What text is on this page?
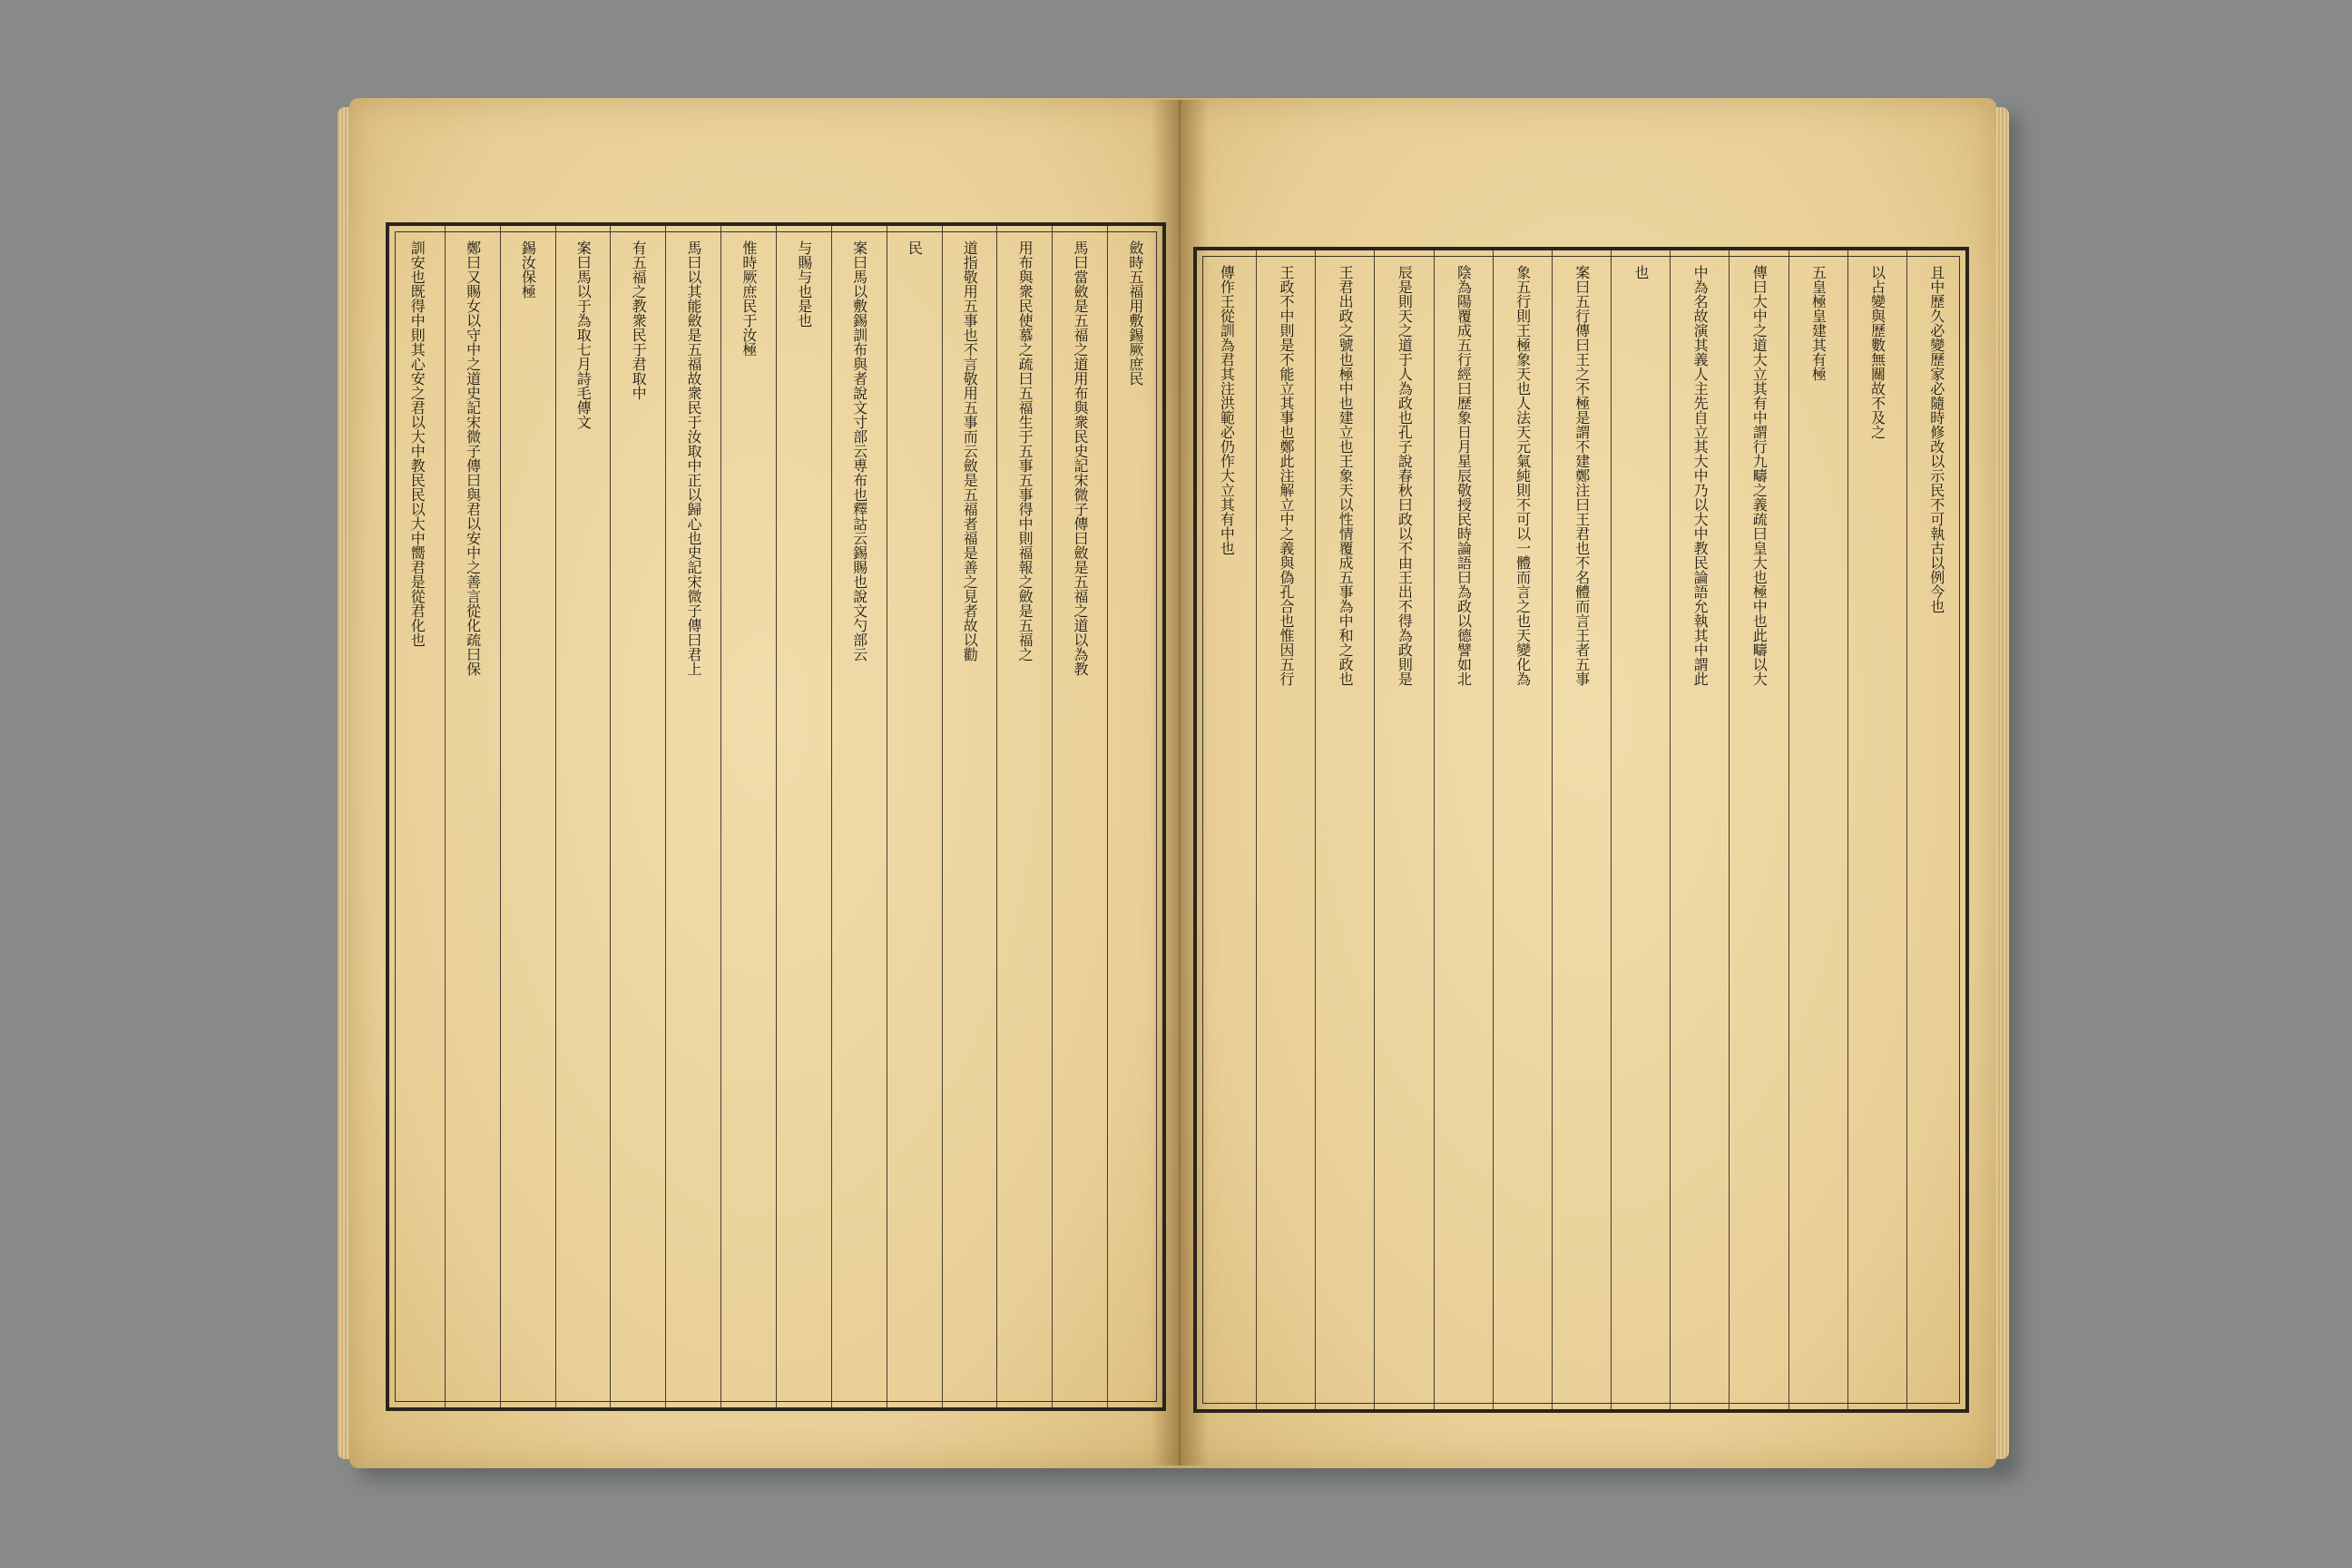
斂時五福用敷錫厥庶民
馬曰當斂是五福之道用布與衆民史記宋微子傳曰斂是五福之道以為教
用布與衆民使慕之疏曰五福生于五事五事得中則福報之斂是五福之
道指敬用五事也不言敬用五事而云斂是五福者福是善之見者故以勸
民
案曰馬以敷錫訓布與者說文寸部云尃布也釋詁云錫賜也說文勺部云
与賜与也是也
惟時厥庶民于汝極
馬曰以其能斂是五福故衆民于汝取中正以歸心也史記宋微子傳曰君上
有五福之教衆民于君取中
案曰馬以于為取七月詩毛傳文
錫汝保極
鄭曰又賜女以守中之道史記宋微子傳曰與君以安中之善言從化疏曰保
訓安也既得中則其心安之君以大中教民民以大中嚮君是從君化也	且中歷久必變歷家必隨時修改以示民不可執古以例今也
以占變與歷數無關故不及之
五皇極皇建其有極
傳曰大中之道大立其有中謂行九疇之義疏曰皇大也極中也此疇以大
中為名故演其義人主先自立其大中乃以大中教民論語允執其中謂此
也
案曰五行傳曰王之不極是謂不建鄭注曰王君也不名體而言王者五事
象五行則王極象天也人法天元氣純則不可以一體而言之也天變化為
陰為陽覆成五行經曰歷象日月星辰敬授民時論語曰為政以德譬如北
辰是則天之道于人為政也孔子說春秋曰政以不由王出不得為政則是
王君出政之號也極中也建立也王象天以性情覆成五事為中和之政也
王政不中則是不能立其事也鄭此注解立中之義與偽孔合也惟因五行
傳作王從訓為君其注洪範必仍作大立其有中也
